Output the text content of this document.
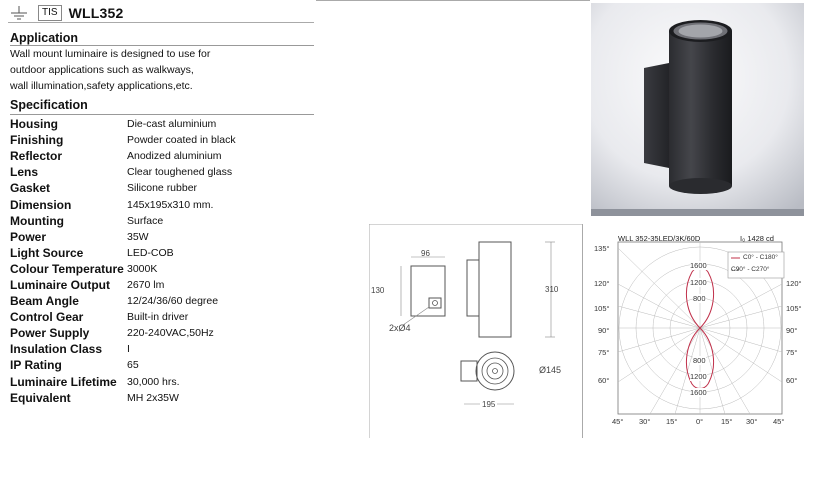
TIS WLL352
Application
Wall mount luminaire is designed to use for
outdoor applications such as walkways,
wall illumination,safety applications,etc.
Specification
Housing	Die-cast aluminium
Finishing	Powder coated in black
Reflector	Anodized aluminium
Lens	Clear toughened glass
Gasket	Silicone rubber
Dimension	145x195x310 mm.
Mounting	Surface
Power	35W
Light Source	LED-COB
Colour Temperature 3000K
Luminaire Output	2670 lm
Beam Angle	12/24/36/60 degree
Control Gear	Built-in driver
Power Supply	220-240VAC,50Hz
Insulation Class	I
IP Rating	65
Luminaire Lifetime 30,000 hrs.
Equivalent	MH 2x35W
96
130	310
2xØ4
Ø145
195
WLL 352-35LED/3K/60D	I₀ 1428 cd
C0° - C180°
C90° - C270°
135°
120°
105°
90°
75°
60°
120°
105°
90°
75°
60°
45° 30° 15° 0° 15° 30° 45°
1600
1200
800
800
1200
1600
